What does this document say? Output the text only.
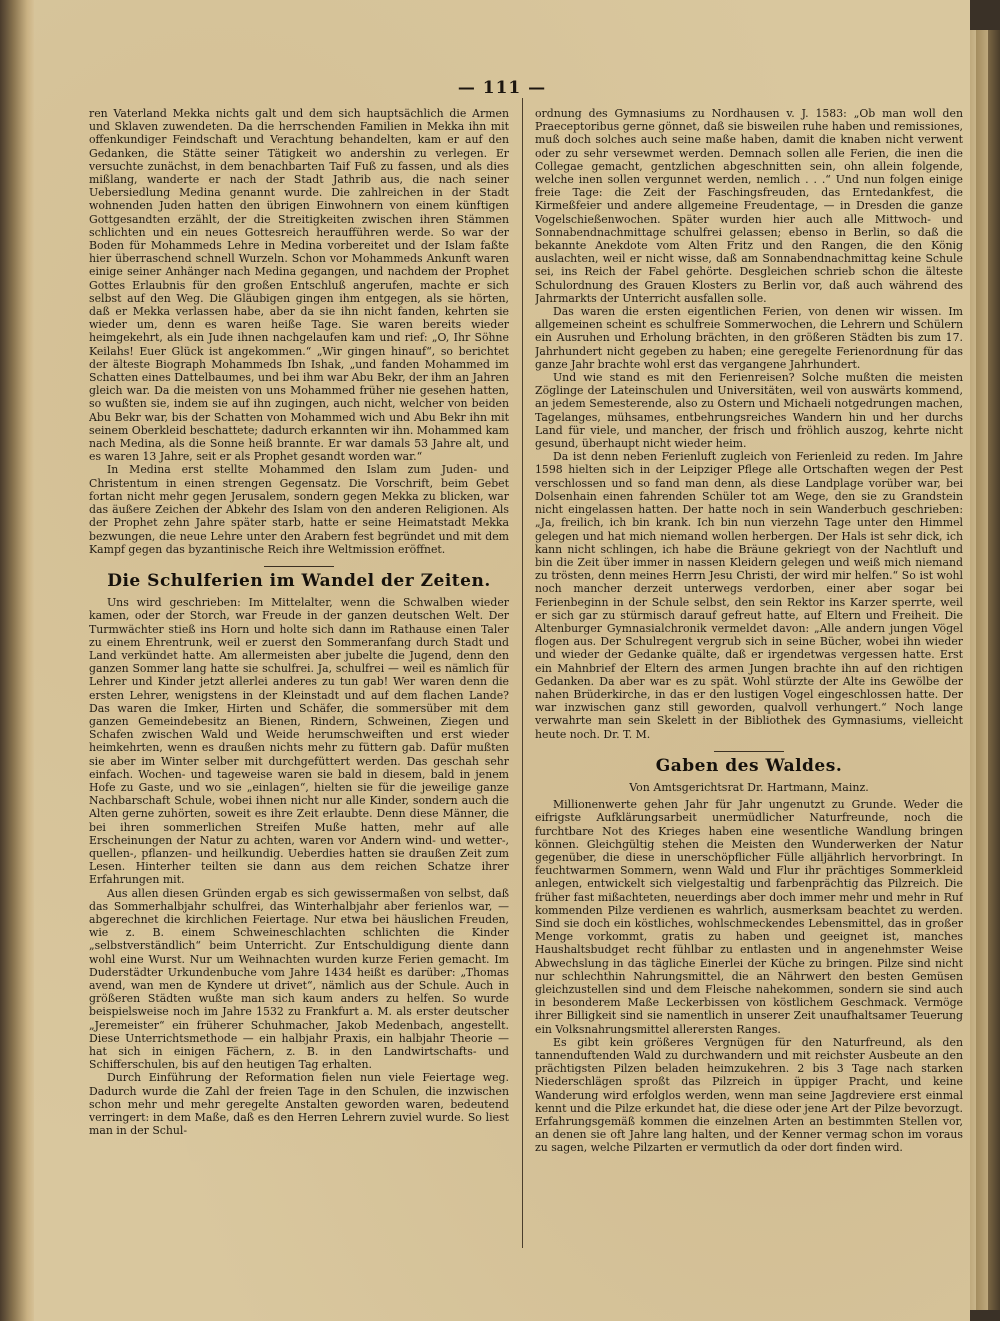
— 111 —

ren Vaterland Mekka nichts galt und dem sich hauptsächlich die Armen und Sklaven zuwendeten. Da die herrschenden Familien in Mekka ihn mit offenkundiger Feindschaft und Verachtung behandelten, kam er auf den Gedanken, die Stätte seiner Tätigkeit wo andershin zu verlegen. Er versuchte zunächst, in dem benachbarten Taif Fuß zu fassen, und als dies mißlang, wanderte er nach der Stadt Jathrib aus, die nach seiner Uebersiedlung Medina genannt wurde. Die zahlreichen in der Stadt wohnenden Juden hatten den übrigen Einwohnern von einem künftigen Gottgesandten erzählt, der die Streitigkeiten zwischen ihren Stämmen schlichten und ein neues Gottesreich heraufführen werde. So war der Boden für Mohammeds Lehre in Medina vorbereitet und der Islam faßte hier überraschend schnell Wurzeln. Schon vor Mohammeds Ankunft waren einige seiner Anhänger nach Medina gegangen, und nachdem der Prophet Gottes Erlaubnis für den großen Entschluß angerufen, machte er sich selbst auf den Weg. Die Gläubigen gingen ihm entgegen, als sie hörten, daß er Mekka verlassen habe, aber da sie ihn nicht fanden, kehrten sie wieder um, denn es waren heiße Tage. Sie waren bereits wieder heimgekehrt, als ein Jude ihnen nachgelaufen kam und rief: „O, Ihr Söhne Keilahs! Euer Glück ist angekommen.“ „Wir gingen hinauf“, so berichtet der älteste Biograph Mohammeds Ibn Ishak, „und fanden Mohammed im Schatten eines Dattelbaumes, und bei ihm war Abu Bekr, der ihm an Jahren gleich war. Da die meisten von uns Mohammed früher nie gesehen hatten, so wußten sie, indem sie auf ihn zugingen, auch nicht, welcher von beiden Abu Bekr war, bis der Schatten von Mohammed wich und Abu Bekr ihn mit seinem Oberkleid beschattete; dadurch erkannten wir ihn. Mohammed kam nach Medina, als die Sonne heiß brannte. Er war damals 53 Jahre alt, und es waren 13 Jahre, seit er als Prophet gesandt worden war.“

In Medina erst stellte Mohammed den Islam zum Juden- und Christentum in einen strengen Gegensatz. Die Vorschrift, beim Gebet fortan nicht mehr gegen Jerusalem, sondern gegen Mekka zu blicken, war das äußere Zeichen der Abkehr des Islam von den anderen Religionen. Als der Prophet zehn Jahre später starb, hatte er seine Heimatstadt Mekka bezwungen, die neue Lehre unter den Arabern fest begründet und mit dem Kampf gegen das byzantinische Reich ihre Weltmission eröffnet.

Die Schulferien im Wandel der Zeiten.

Uns wird geschrieben: Im Mittelalter, wenn die Schwalben wieder kamen, oder der Storch, war Freude in der ganzen deutschen Welt. Der Turmwächter stieß ins Horn und holte sich dann im Rathause einen Taler zu einem Ehrentrunk, weil er zuerst den Sommeranfang durch Stadt und Land verkündet hatte. Am allermeisten aber jubelte die Jugend, denn den ganzen Sommer lang hatte sie schulfrei. Ja, schulfrei — weil es nämlich für Lehrer und Kinder jetzt allerlei anderes zu tun gab! Wer waren denn die ersten Lehrer, wenigstens in der Kleinstadt und auf dem flachen Lande? Das waren die Imker, Hirten und Schäfer, die sommersüber mit dem ganzen Gemeindebesitz an Bienen, Rindern, Schweinen, Ziegen und Schafen zwischen Wald und Weide herumschweiften und erst wieder heimkehrten, wenn es draußen nichts mehr zu füttern gab. Dafür mußten sie aber im Winter selber mit durchgefüttert werden. Das geschah sehr einfach. Wochen- und tageweise waren sie bald in diesem, bald in jenem Hofe zu Gaste, und wo sie „einlagen“, hielten sie für die jeweilige ganze Nachbarschaft Schule, wobei ihnen nicht nur alle Kinder, sondern auch die Alten gerne zuhörten, soweit es ihre Zeit erlaubte. Denn diese Männer, die bei ihren sommerlichen Streifen Muße hatten, mehr auf alle Erscheinungen der Natur zu achten, waren vor Andern wind- und wetter-, quellen-, pflanzen- und heilkundig. Ueberdies hatten sie draußen Zeit zum Lesen. Hinterher teilten sie dann aus dem reichen Schatze ihrer Erfahrungen mit.

Aus allen diesen Gründen ergab es sich gewissermaßen von selbst, daß das Sommerhalbjahr schulfrei, das Winterhalbjahr aber ferienlos war, — abgerechnet die kirchlichen Feiertage. Nur etwa bei häuslichen Freuden, wie z. B. einem Schweineschlachten schlichten die Kinder „selbstverständlich“ beim Unterricht. Zur Entschuldigung diente dann wohl eine Wurst. Nur um Weihnachten wurden kurze Ferien gemacht. Im Duderstädter Urkundenbuche vom Jahre 1434 heißt es darüber: „Thomas avend, wan men de Kyndere ut drivet“, nämlich aus der Schule. Auch in größeren Städten wußte man sich kaum anders zu helfen. So wurde beispielsweise noch im Jahre 1532 zu Frankfurt a. M. als erster deutscher „Jeremeister“ ein früherer Schuhmacher, Jakob Medenbach, angestellt. Diese Unterrichtsmethode — ein halbjahr Praxis, ein halbjahr Theorie — hat sich in einigen Fächern, z. B. in den Landwirtschafts- und Schifferschulen, bis auf den heutigen Tag erhalten.

Durch Einführung der Reformation fielen nun viele Feiertage weg. Dadurch wurde die Zahl der freien Tage in den Schulen, die inzwischen schon mehr und mehr geregelte Anstalten geworden waren, bedeutend verringert: in dem Maße, daß es den Herren Lehrern zuviel wurde. So liest man in der Schul-

ordnung des Gymnasiums zu Nordhausen v. J. 1583: „Ob man woll den Praeceptoribus gerne gönnet, daß sie bisweilen ruhe haben und remissiones, muß doch solches auch seine maße haben, damit die knaben nicht verwent oder zu sehr versewmet werden. Demnach sollen alle Ferien, die inen die Collegae gemacht, gentzlichen abgeschnitten sein, ohn allein folgende, welche inen sollen vergunnet werden, nemlich . . .“ Und nun folgen einige freie Tage: die Zeit der Faschingsfreuden, das Erntedankfest, die Kirmeßfeier und andere allgemeine Freudentage, — in Dresden die ganze Vogelschießenwochen. Später wurden hier auch alle Mittwoch- und Sonnabendnachmittage schulfrei gelassen; ebenso in Berlin, so daß die bekannte Anekdote vom Alten Fritz und den Rangen, die den König auslachten, weil er nicht wisse, daß am Sonnabendnachmittag keine Schule sei, ins Reich der Fabel gehörte. Desgleichen schrieb schon die älteste Schulordnung des Grauen Klosters zu Berlin vor, daß auch während des Jahrmarkts der Unterricht ausfallen solle.

Das waren die ersten eigentlichen Ferien, von denen wir wissen. Im allgemeinen scheint es schulfreie Sommerwochen, die Lehrern und Schülern ein Ausruhen und Erholung brächten, in den größeren Städten bis zum 17. Jahrhundert nicht gegeben zu haben; eine geregelte Ferienordnung für das ganze Jahr brachte wohl erst das vergangene Jahrhundert.

Und wie stand es mit den Ferienreisen? Solche mußten die meisten Zöglinge der Lateinschulen und Universitäten, weil von auswärts kommend, an jedem Semesterende, also zu Ostern und Michaeli notgedrungen machen, Tagelanges, mühsames, entbehrungsreiches Wandern hin und her durchs Land für viele, und mancher, der frisch und fröhlich auszog, kehrte nicht gesund, überhaupt nicht wieder heim.

Da ist denn neben Ferienluft zugleich von Ferienleid zu reden. Im Jahre 1598 hielten sich in der Leipziger Pflege alle Ortschaften wegen der Pest verschlossen und so fand man denn, als diese Landplage vorüber war, bei Dolsenhain einen fahrenden Schüler tot am Wege, den sie zu Grandstein nicht eingelassen hatten. Der hatte noch in sein Wanderbuch geschrieben: „Ja, freilich, ich bin krank. Ich bin nun vierzehn Tage unter den Himmel gelegen und hat mich niemand wollen herbergen. Der Hals ist sehr dick, ich kann nicht schlingen, ich habe die Bräune gekriegt von der Nachtluft und bin die Zeit über immer in nassen Kleidern gelegen und weiß mich niemand zu trösten, denn meines Herrn Jesu Christi, der wird mir helfen.“ So ist wohl noch mancher derzeit unterwegs verdorben, einer aber sogar bei Ferienbeginn in der Schule selbst, den sein Rektor ins Karzer sperrte, weil er sich gar zu stürmisch darauf gefreut hatte, auf Eltern und Freiheit. Die Altenburger Gymnasialchronik vermeldet davon: „Alle andern jungen Vögel flogen aus. Der Schulregent vergrub sich in seine Bücher, wobei ihn wieder und wieder der Gedanke quälte, daß er irgendetwas vergessen hatte. Erst ein Mahnbrief der Eltern des armen Jungen brachte ihn auf den richtigen Gedanken. Da aber war es zu spät. Wohl stürzte der Alte ins Gewölbe der nahen Brüderkirche, in das er den lustigen Vogel eingeschlossen hatte. Der war inzwischen ganz still geworden, qualvoll verhungert.“ Noch lange verwahrte man sein Skelett in der Bibliothek des Gymnasiums, vielleicht heute noch. Dr. T. M.

Gaben des Waldes.
Von Amtsgerichtsrat Dr. Hartmann, Mainz.

Millionenwerte gehen Jahr für Jahr ungenutzt zu Grunde. Weder die eifrigste Aufklärungsarbeit unermüdlicher Naturfreunde, noch die furchtbare Not des Krieges haben eine wesentliche Wandlung bringen können. Gleichgültig stehen die Meisten den Wunderwerken der Natur gegenüber, die diese in unerschöpflicher Fülle alljährlich hervorbringt. In feuchtwarmen Sommern, wenn Wald und Flur ihr prächtiges Sommerkleid anlegen, entwickelt sich vielgestaltig und farbenprächtig das Pilzreich. Die früher fast mißachteten, neuerdings aber doch immer mehr und mehr in Ruf kommenden Pilze verdienen es wahrlich, ausmerksam beachtet zu werden. Sind sie doch ein köstliches, wohlschmeckendes Lebensmittel, das in großer Menge vorkommt, gratis zu haben und geeignet ist, manches Haushaltsbudget recht fühlbar zu entlasten und in angenehmster Weise Abwechslung in das tägliche Einerlei der Küche zu bringen. Pilze sind nicht nur schlechthin Nahrungsmittel, die an Nährwert den besten Gemüsen gleichzustellen sind und dem Fleische nahekommen, sondern sie sind auch in besonderem Maße Leckerbissen von köstlichem Geschmack. Vermöge ihrer Billigkeit sind sie namentlich in unserer Zeit unaufhaltsamer Teuerung ein Volksnahrungsmittel allerersten Ranges.

Es gibt kein größeres Vergnügen für den Naturfreund, als den tannenduftenden Wald zu durchwandern und mit reichster Ausbeute an den prächtigsten Pilzen beladen heimzukehren. 2 bis 3 Tage nach starken Niederschlägen sproßt das Pilzreich in üppiger Pracht, und keine Wanderung wird erfolglos werden, wenn man seine Jagdreviere erst einmal kennt und die Pilze erkundet hat, die diese oder jene Art der Pilze bevorzugt. Erfahrungsgemäß kommen die einzelnen Arten an bestimmten Stellen vor, an denen sie oft Jahre lang halten, und der Kenner vermag schon im voraus zu sagen, welche Pilzarten er vermutlich da oder dort finden wird.
